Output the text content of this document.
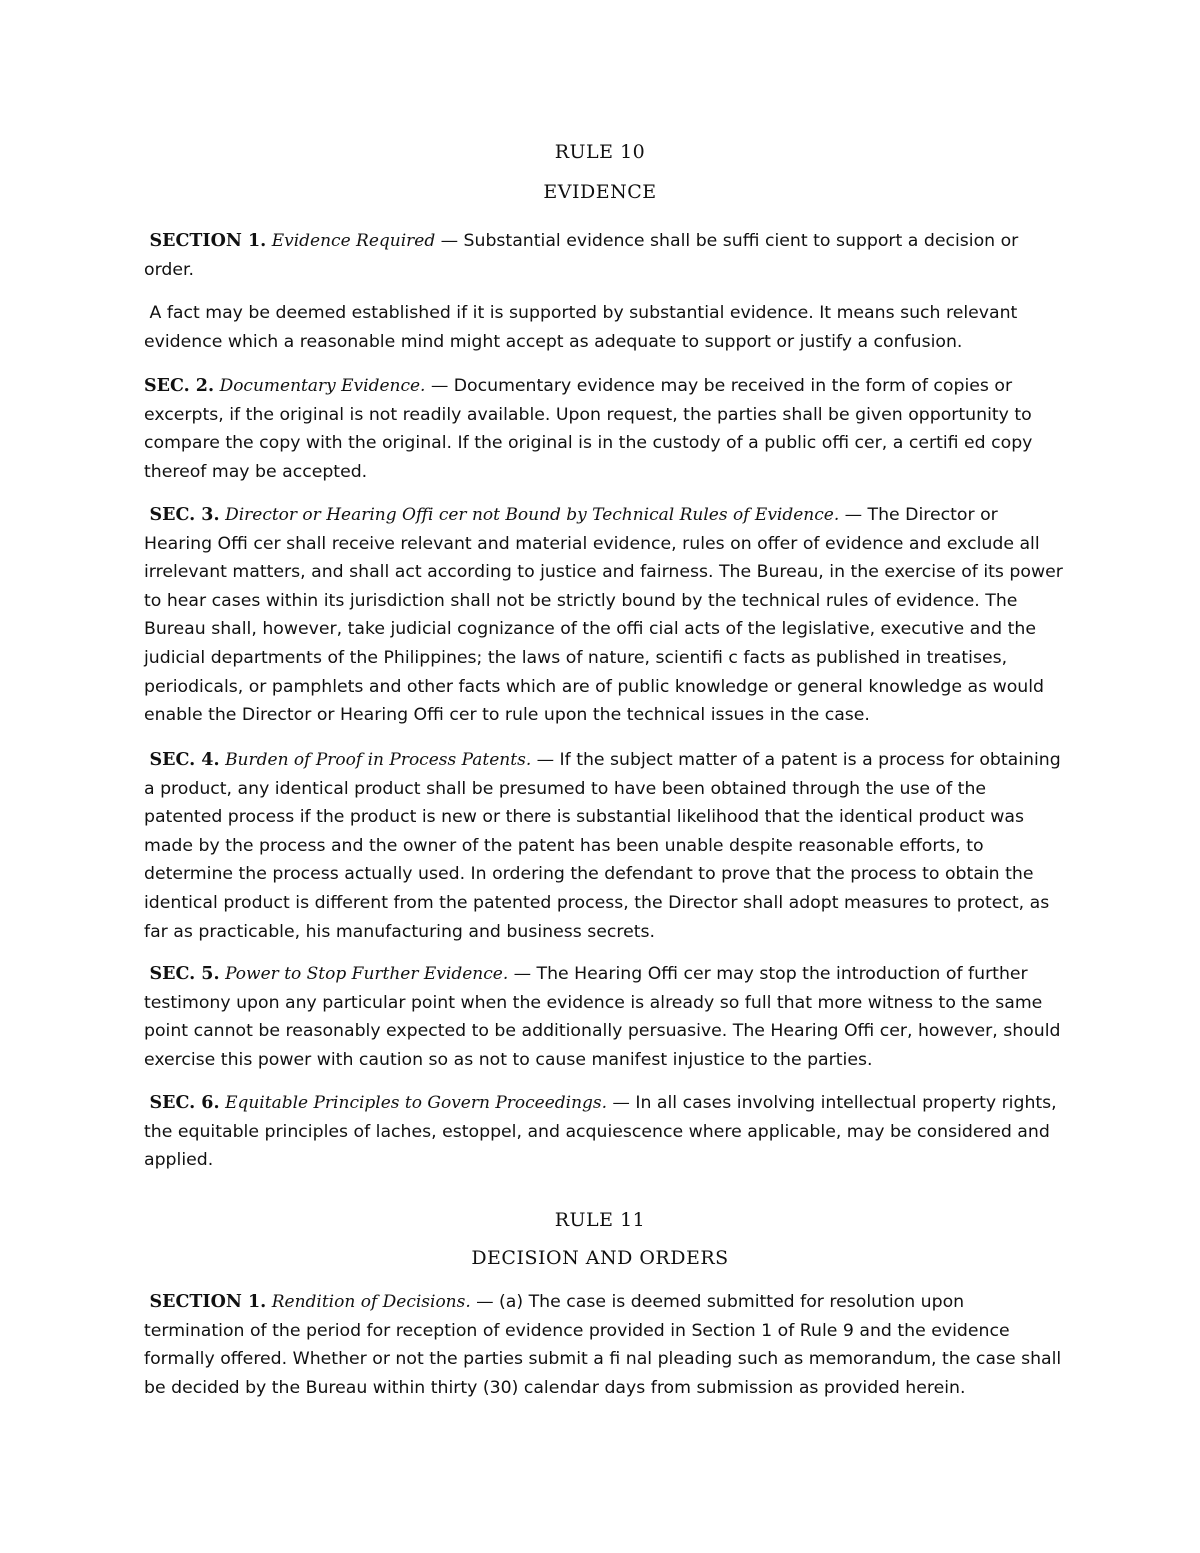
RULE 10
EVIDENCE

SECTION 1. Evidence Required — Substantial evidence shall be suffi cient to support a decision or order.

A fact may be deemed established if it is supported by substantial evidence. It means such relevant evidence which a reasonable mind might accept as adequate to support or justify a confusion.

SEC. 2. Documentary Evidence. — Documentary evidence may be received in the form of copies or excerpts, if the original is not readily available. Upon request, the parties shall be given opportunity to compare the copy with the original. If the original is in the custody of a public offi cer, a certifi ed copy thereof may be accepted.

SEC. 3. Director or Hearing Offi cer not Bound by Technical Rules of Evidence. — The Director or Hearing Offi cer shall receive relevant and material evidence, rules on offer of evidence and exclude all irrelevant matters, and shall act according to justice and fairness. The Bureau, in the exercise of its power to hear cases within its jurisdiction shall not be strictly bound by the technical rules of evidence. The Bureau shall, however, take judicial cognizance of the offi cial acts of the legislative, executive and the judicial departments of the Philippines; the laws of nature, scientifi c facts as published in treatises, periodicals, or pamphlets and other facts which are of public knowledge or general knowledge as would enable the Director or Hearing Offi cer to rule upon the technical issues in the case.

SEC. 4. Burden of Proof in Process Patents. — If the subject matter of a patent is a process for obtaining a product, any identical product shall be presumed to have been obtained through the use of the patented process if the product is new or there is substantial likelihood that the identical product was made by the process and the owner of the patent has been unable despite reasonable efforts, to determine the process actually used. In ordering the defendant to prove that the process to obtain the identical product is different from the patented process, the Director shall adopt measures to protect, as far as practicable, his manufacturing and business secrets.

SEC. 5. Power to Stop Further Evidence. — The Hearing Offi cer may stop the introduction of further testimony upon any particular point when the evidence is already so full that more witness to the same point cannot be reasonably expected to be additionally persuasive. The Hearing Offi cer, however, should exercise this power with caution so as not to cause manifest injustice to the parties.

SEC. 6. Equitable Principles to Govern Proceedings. — In all cases involving intellectual property rights, the equitable principles of laches, estoppel, and acquiescence where applicable, may be considered and applied.

RULE 11
DECISION AND ORDERS

SECTION 1. Rendition of Decisions. — (a) The case is deemed submitted for resolution upon termination of the period for reception of evidence provided in Section 1 of Rule 9 and the evidence formally offered. Whether or not the parties submit a fi nal pleading such as memorandum, the case shall be decided by the Bureau within thirty (30) calendar days from submission as provided herein.
